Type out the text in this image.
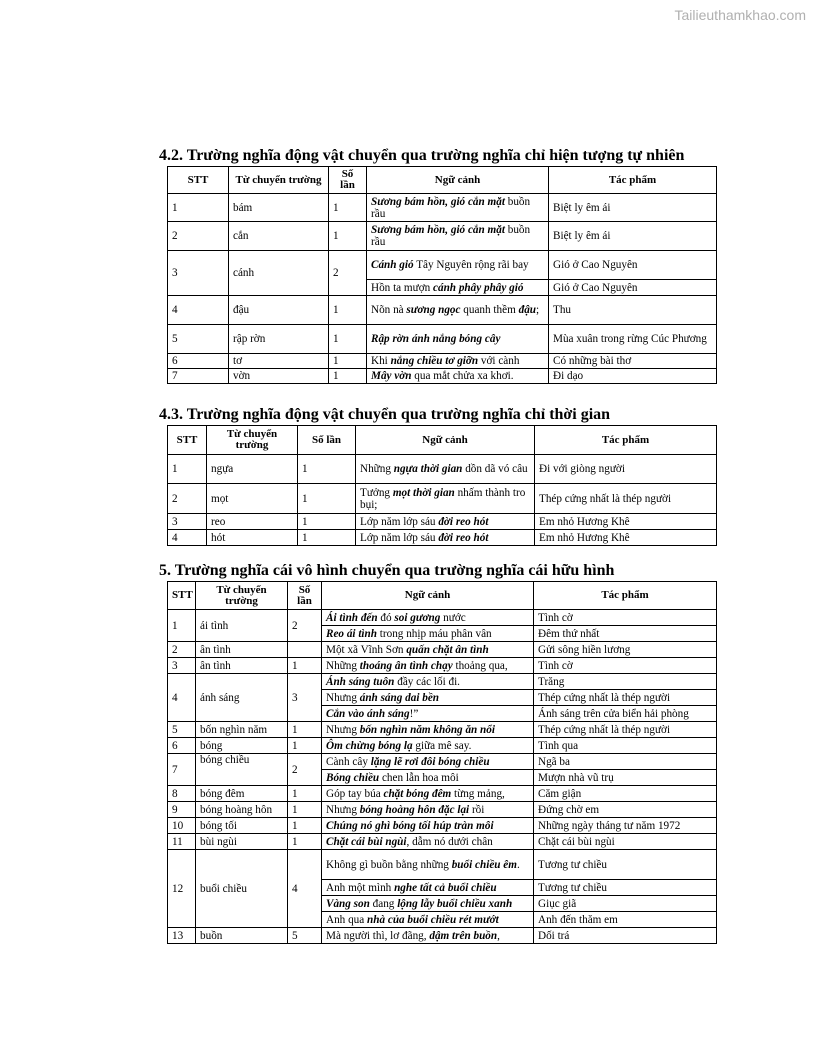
Tailieuthamkhao.com
4.2. Trường nghĩa động vật chuyển qua trường nghĩa chỉ hiện tượng tự nhiên
STT	Từ chuyển trường	Số lần	Ngữ cảnh	Tác phẩm
1	bám	1	Sương bám hồn, gió cắn mặt buồn rầu	Biệt ly êm ái
2	cắn	1	Sương bám hồn, gió cắn mặt buồn rầu	Biệt ly êm ái
3	cánh	2	Cánh gió Tây Nguyên rộng rãi bay	Gió ở Cao Nguyên
			Hồn ta mượn cánh phây phây gió	Gió ở Cao Nguyên
4	đậu	1	Nõn nà sương ngọc quanh thềm đậu;	Thu
5	rập rờn	1	Rập rờn ánh nắng bóng cây	Mùa xuân trong rừng Cúc Phương
6	tơ	1	Khi nắng chiều tơ giỡn với cành	Có những bài thơ
7	vờn	1	Mây vờn qua mắt chửa xa khơi.	Đi dạo
4.3. Trường nghĩa động vật chuyển qua trường nghĩa chỉ thời gian
STT	Từ chuyển trường	Số lần	Ngữ cảnh	Tác phẩm
1	ngựa	1	Những ngựa thời gian dồn dã vó câu	Đi với giòng người
2	mọt	1	Tưởng mọt thời gian nhấm thành tro bụi;	Thép cứng nhất là thép người
3	reo	1	Lớp năm lớp sáu đời reo hót	Em nhỏ Hương Khê
4	hót	1	Lớp năm lớp sáu đời reo hót	Em nhỏ Hương Khê
5. Trường nghĩa cái vô hình chuyển qua trường nghĩa cái hữu hình
STT	Từ chuyển trường	Số lần	Ngữ cảnh	Tác phẩm
1	ái tình	2	Ái tình đến đó soi gương nước	Tình cờ
			Reo ái tình trong nhịp máu phân vân	Đêm thứ nhất
2	ân tình		Một xã Vĩnh Sơn quấn chặt ân tình	Gửi sông hiền lương
3	ân tình	1	Những thoáng ân tình chạy thoảng qua,	Tình cờ
4	ánh sáng	3	Ánh sáng tuôn đầy các lối đi.	Trăng
			Nhưng ánh sáng dai bền	Thép cứng nhất là thép người
			Cắn vào ánh sáng!”	Ánh sáng trên cửa biển hải phòng
5	bốn nghìn năm	1	Nhưng bốn nghìn năm không ăn nổi	Thép cứng nhất là thép người
6	bóng	1	Ôm chừng bóng lạ giữa mê say.	Tình qua
7	bóng chiều	2	Cành cây lặng lẽ rơi đôi bóng chiều	Ngã ba
			Bóng chiều chen lẫn hoa môi	Mượn nhà vũ trụ
8	bóng đêm	1	Góp tay búa chặt bóng đêm từng mảng,	Căm giận
9	bóng hoàng hôn	1	Nhưng bóng hoàng hôn đặc lại rồi	Đứng chờ em
10	bóng tối	1	Chúng nó ghì bóng tối húp tràn môi	Những ngày tháng tư năm 1972
11	bùi ngùi	1	Chặt cái bùi ngùi, dẫm nó dưới chân	Chặt cái bùi ngùi
12	buổi chiều	4	Không gì buồn bằng những buổi chiều êm.	Tương tư chiều
			Anh một mình nghe tất cả buổi chiều	Tương tư chiều
			Vàng son đang lộng lẫy buổi chiều xanh	Giục giã
			Anh qua nhà của buổi chiều rét mướt	Anh đến thăm em
13	buồn	5	Mà người thì, lơ đãng, dậm trên buồn,	Dối trá
